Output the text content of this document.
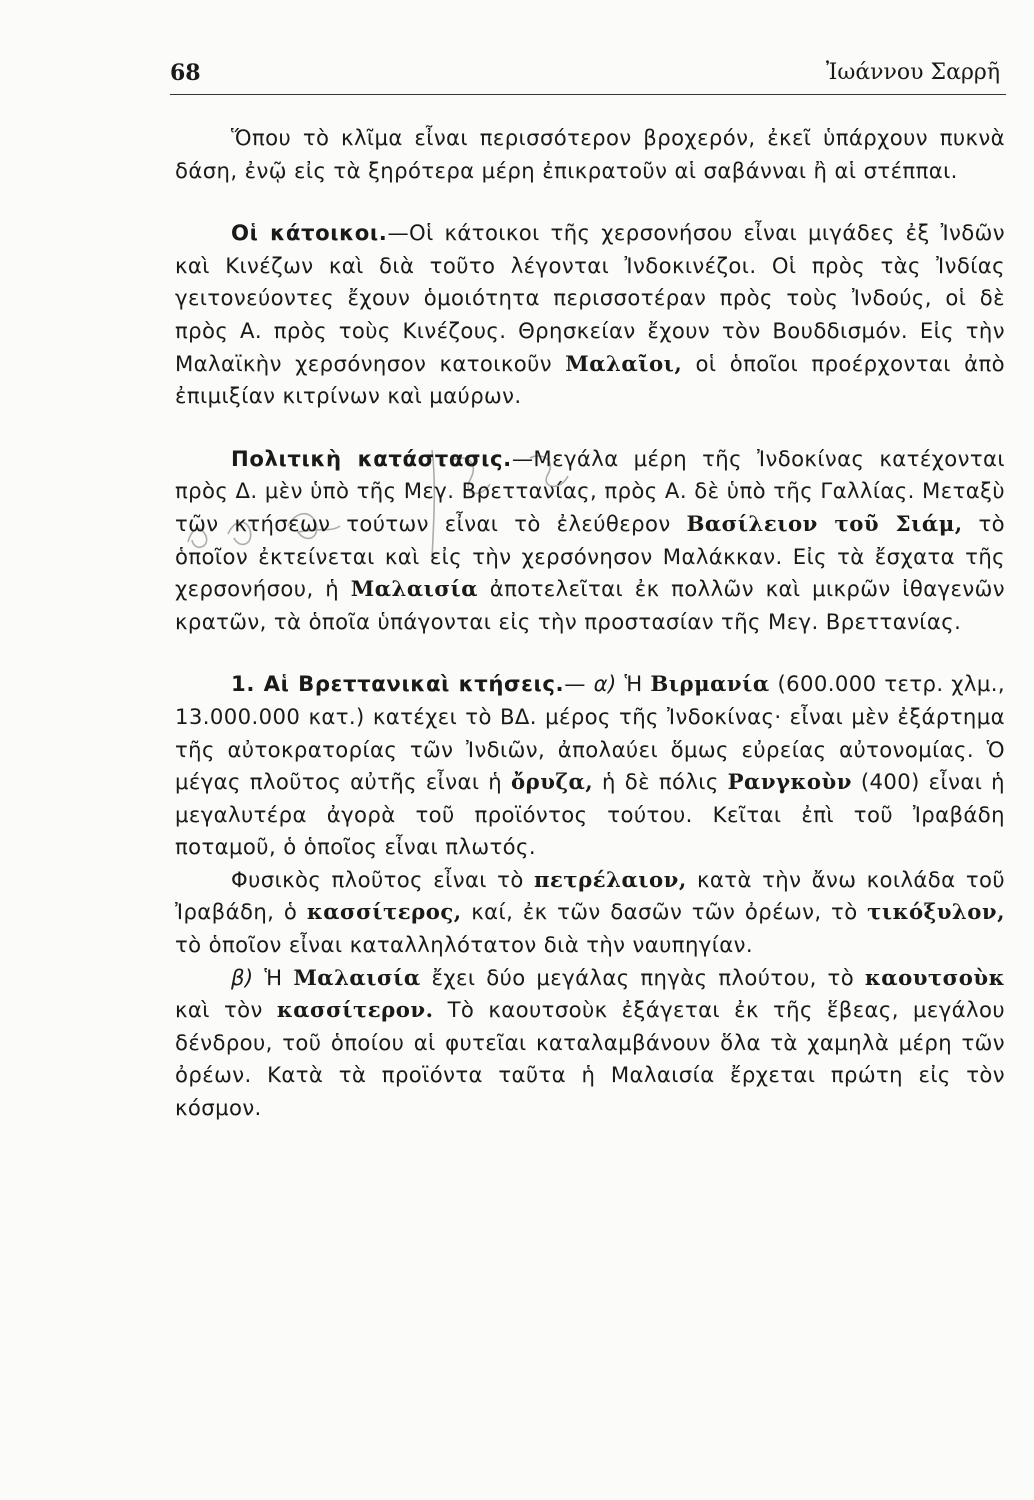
68	Ἰωάννου Σαρρῆ

Ὅπου τὸ κλῖμα εἶναι περισσότερον βροχερόν, ἐκεῖ ὑπάρχουν πυκνὰ δάση, ἐνῷ εἰς τὰ ξηρότερα μέρη ἐπικρατοῦν αἱ σαβάνναι ἢ αἱ στέππαι.

Οἱ κάτοικοι.—Οἱ κάτοικοι τῆς χερσονήσου εἶναι μιγάδες ἐξ Ἰνδῶν καὶ Κινέζων καὶ διὰ τοῦτο λέγονται Ἰνδοκινέζοι. Οἱ πρὸς τὰς Ἰνδίας γειτονεύοντες ἔχουν ὁμοιότητα περισσοτέραν πρὸς τοὺς Ἰνδούς, οἱ δὲ πρὸς Α. πρὸς τοὺς Κινέζους. Θρησκείαν ἔχουν τὸν Βουδδισμόν. Εἰς τὴν Μαλαϊκὴν χερσόνησον κατοικοῦν Μαλαῖοι, οἱ ὁποῖοι προέρχονται ἀπὸ ἐπιμιξίαν κιτρίνων καὶ μαύρων.

Πολιτικὴ κατάστασις.—Μεγάλα μέρη τῆς Ἰνδοκίνας κατέχονται πρὸς Δ. μὲν ὑπὸ τῆς Μεγ. Βρεττανίας, πρὸς Α. δὲ ὑπὸ τῆς Γαλλίας. Μεταξὺ τῶν κτήσεων τούτων εἶναι τὸ ἐλεύθερον Βασίλειον τοῦ Σιάμ, τὸ ὁποῖον ἐκτείνεται καὶ εἰς τὴν χερσόνησον Μαλάκκαν. Εἰς τὰ ἔσχατα τῆς χερσονήσου, ἡ Μαλαισία ἀποτελεῖται ἐκ πολλῶν καὶ μικρῶν ἰθαγενῶν κρατῶν, τὰ ὁποῖα ὑπάγονται εἰς τὴν προστασίαν τῆς Μεγ. Βρεττανίας.

1. Αἱ Βρεττανικαὶ κτήσεις.— α) Ἡ Βιρμανία (600.000 τετρ. χλμ., 13.000.000 κατ.) κατέχει τὸ ΒΔ. μέρος τῆς Ἰνδοκίνας· εἶναι μὲν ἐξάρτημα τῆς αὐτοκρατορίας τῶν Ἰνδιῶν, ἀπολαύει ὅμως εὐρείας αὐτονομίας. Ὁ μέγας πλοῦτος αὐτῆς εἶναι ἡ ὄρυζα, ἡ δὲ πόλις Ρανγκοὺν (400) εἶναι ἡ μεγαλυτέρα ἀγορὰ τοῦ προϊόντος τούτου. Κεῖται ἐπὶ τοῦ Ἰραβάδη ποταμοῦ, ὁ ὁποῖος εἶναι πλωτός.

Φυσικὸς πλοῦτος εἶναι τὸ πετρέλαιον, κατὰ τὴν ἄνω κοιλάδα τοῦ Ἰραβάδη, ὁ κασσίτερος, καί, ἐκ τῶν δασῶν τῶν ὀρέων, τὸ τικόξυλον, τὸ ὁποῖον εἶναι καταλληλότατον διὰ τὴν ναυπηγίαν.

β) Ἡ Μαλαισία ἔχει δύο μεγάλας πηγὰς πλούτου, τὸ καουτσοὺκ καὶ τὸν κασσίτερον. Τὸ καουτσοὺκ ἐξάγεται ἐκ τῆς ἕβεας, μεγάλου δένδρου, τοῦ ὁποίου αἱ φυτεῖαι καταλαμβάνουν ὅλα τὰ χαμηλὰ μέρη τῶν ὀρέων. Κατὰ τὰ προϊόντα ταῦτα ἡ Μαλαισία ἔρχεται πρώτη εἰς τὸν κόσμον.
